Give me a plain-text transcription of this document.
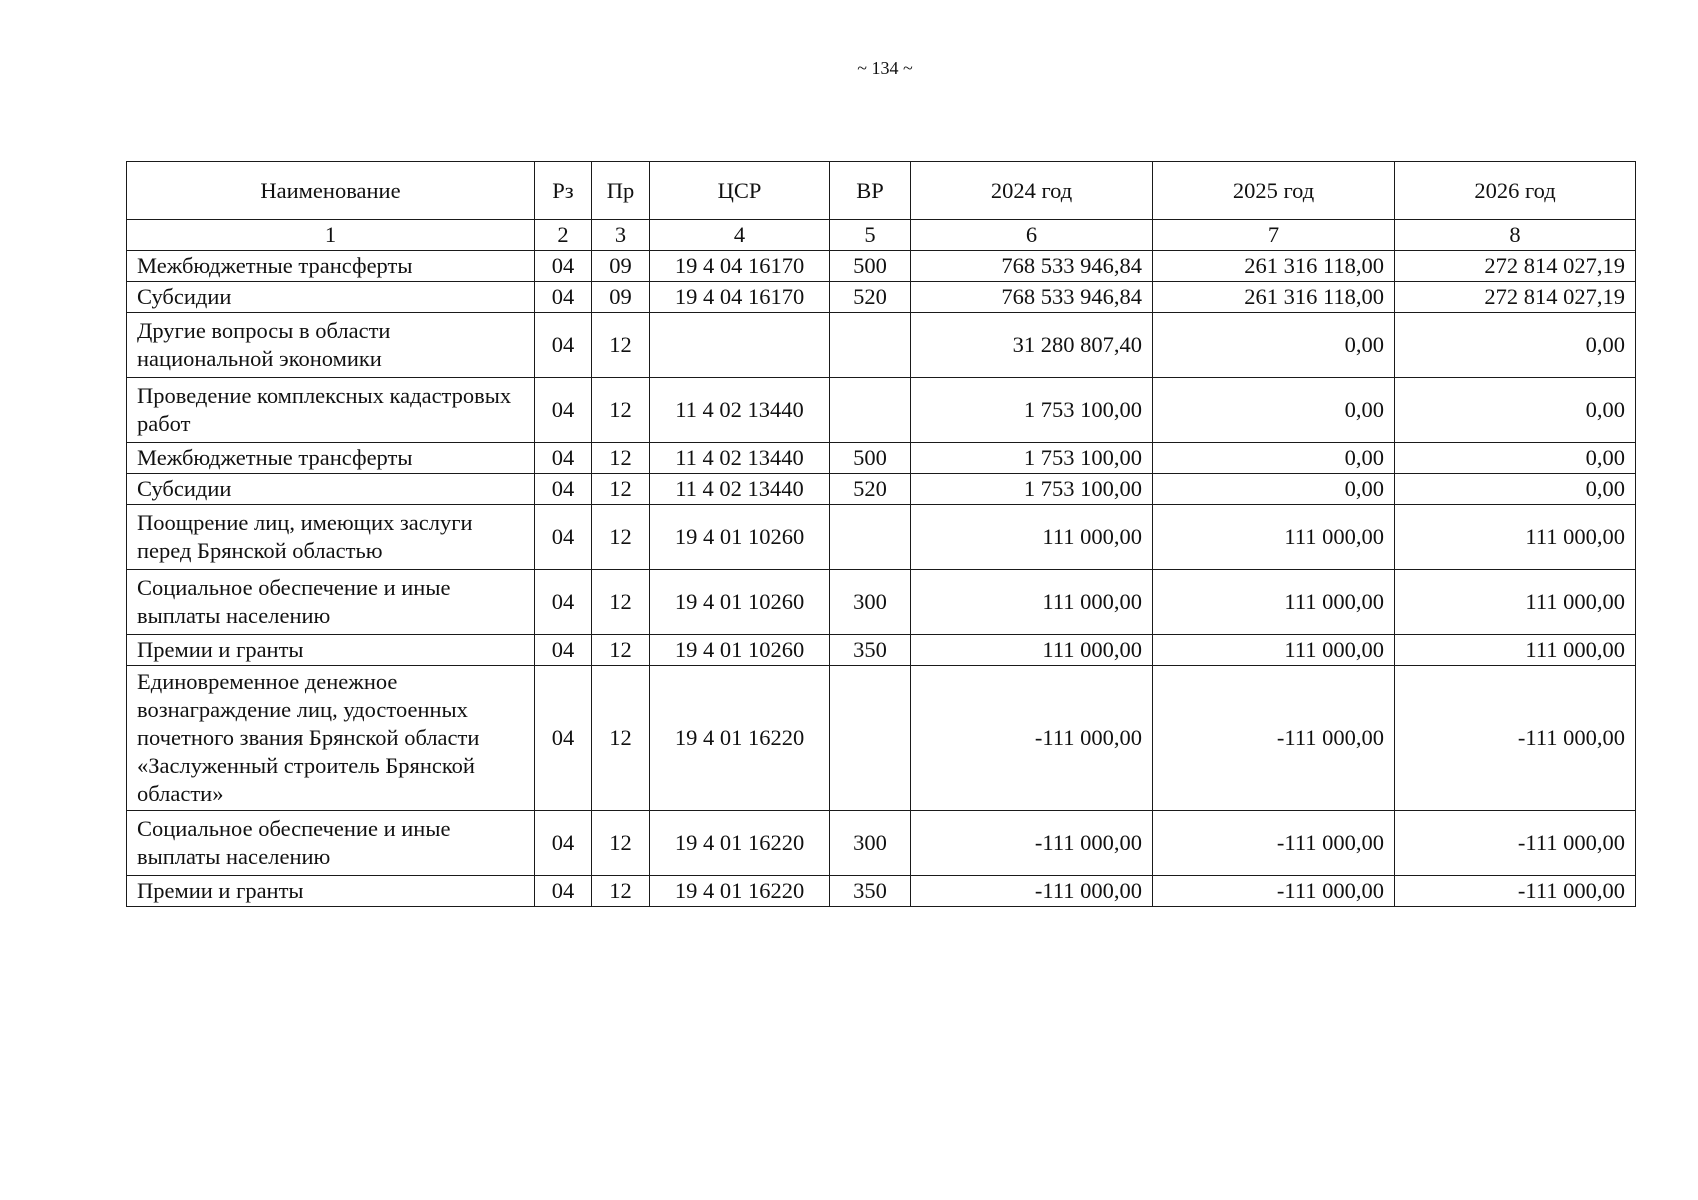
~ 134 ~
Наименование	Рз	Пр	ЦСР	ВР	2024 год	2025 год	2026 год
1	2	3	4	5	6	7	8
Межбюджетные трансферты	04	09	19 4 04 16170	500	768 533 946,84	261 316 118,00	272 814 027,19
Субсидии	04	09	19 4 04 16170	520	768 533 946,84	261 316 118,00	272 814 027,19
Другие вопросы в области национальной экономики	04	12			31 280 807,40	0,00	0,00
Проведение комплексных кадастровых работ	04	12	11 4 02 13440		1 753 100,00	0,00	0,00
Межбюджетные трансферты	04	12	11 4 02 13440	500	1 753 100,00	0,00	0,00
Субсидии	04	12	11 4 02 13440	520	1 753 100,00	0,00	0,00
Поощрение лиц, имеющих заслуги перед Брянской областью	04	12	19 4 01 10260		111 000,00	111 000,00	111 000,00
Социальное обеспечение и иные выплаты населению	04	12	19 4 01 10260	300	111 000,00	111 000,00	111 000,00
Премии и гранты	04	12	19 4 01 10260	350	111 000,00	111 000,00	111 000,00
Единовременное денежное вознаграждение лиц, удостоенных почетного звания Брянской области «Заслуженный строитель Брянской области»	04	12	19 4 01 16220		-111 000,00	-111 000,00	-111 000,00
Социальное обеспечение и иные выплаты населению	04	12	19 4 01 16220	300	-111 000,00	-111 000,00	-111 000,00
Премии и гранты	04	12	19 4 01 16220	350	-111 000,00	-111 000,00	-111 000,00
